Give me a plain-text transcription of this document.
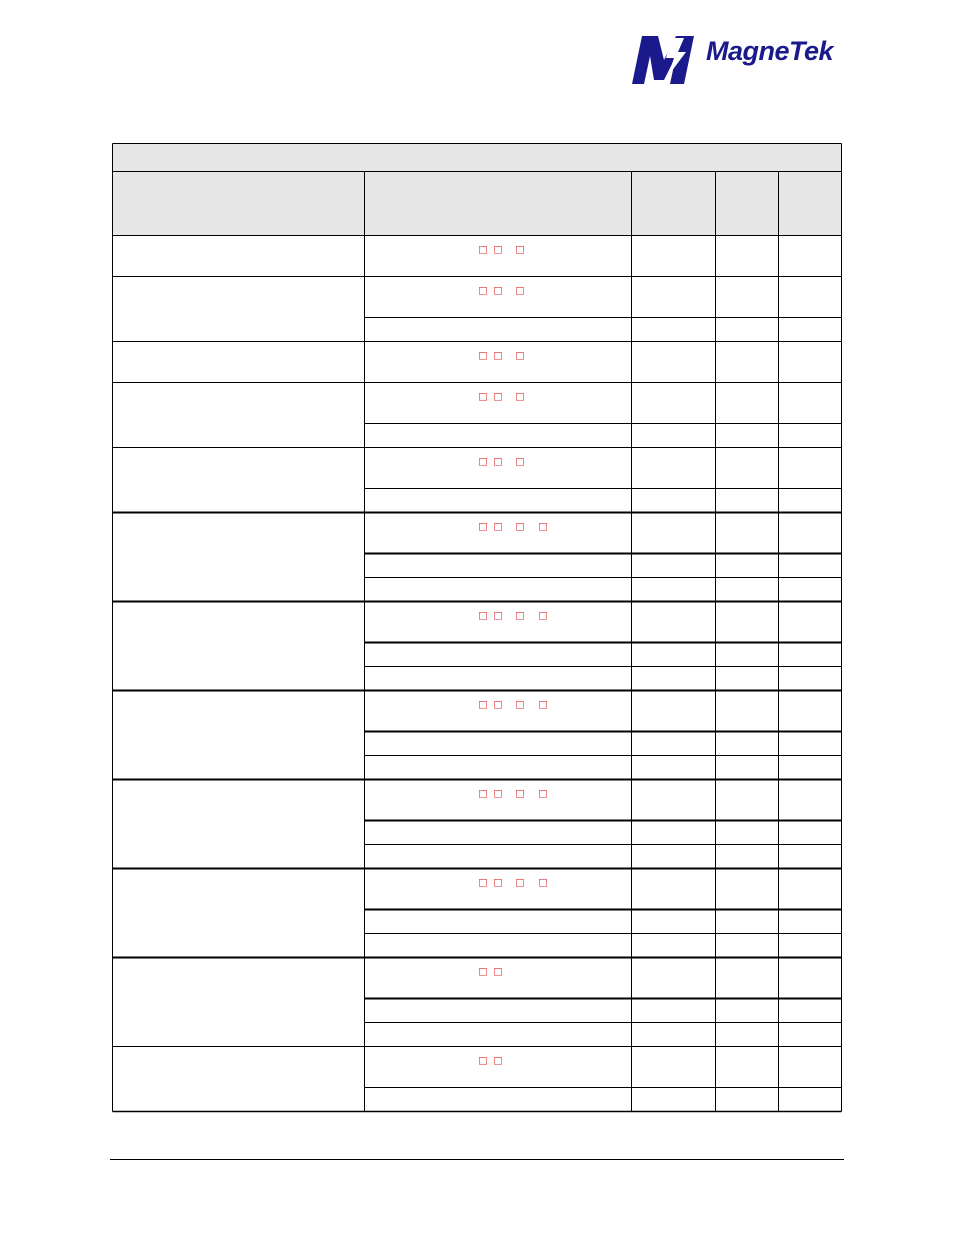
MagneTek
□ □ □
□ □ □
□ □ □
□ □ □
□ □ □
□ □ □ □
□ □ □ □
□ □ □ □
□ □ □ □
□ □ □ □
□ □
□ □
